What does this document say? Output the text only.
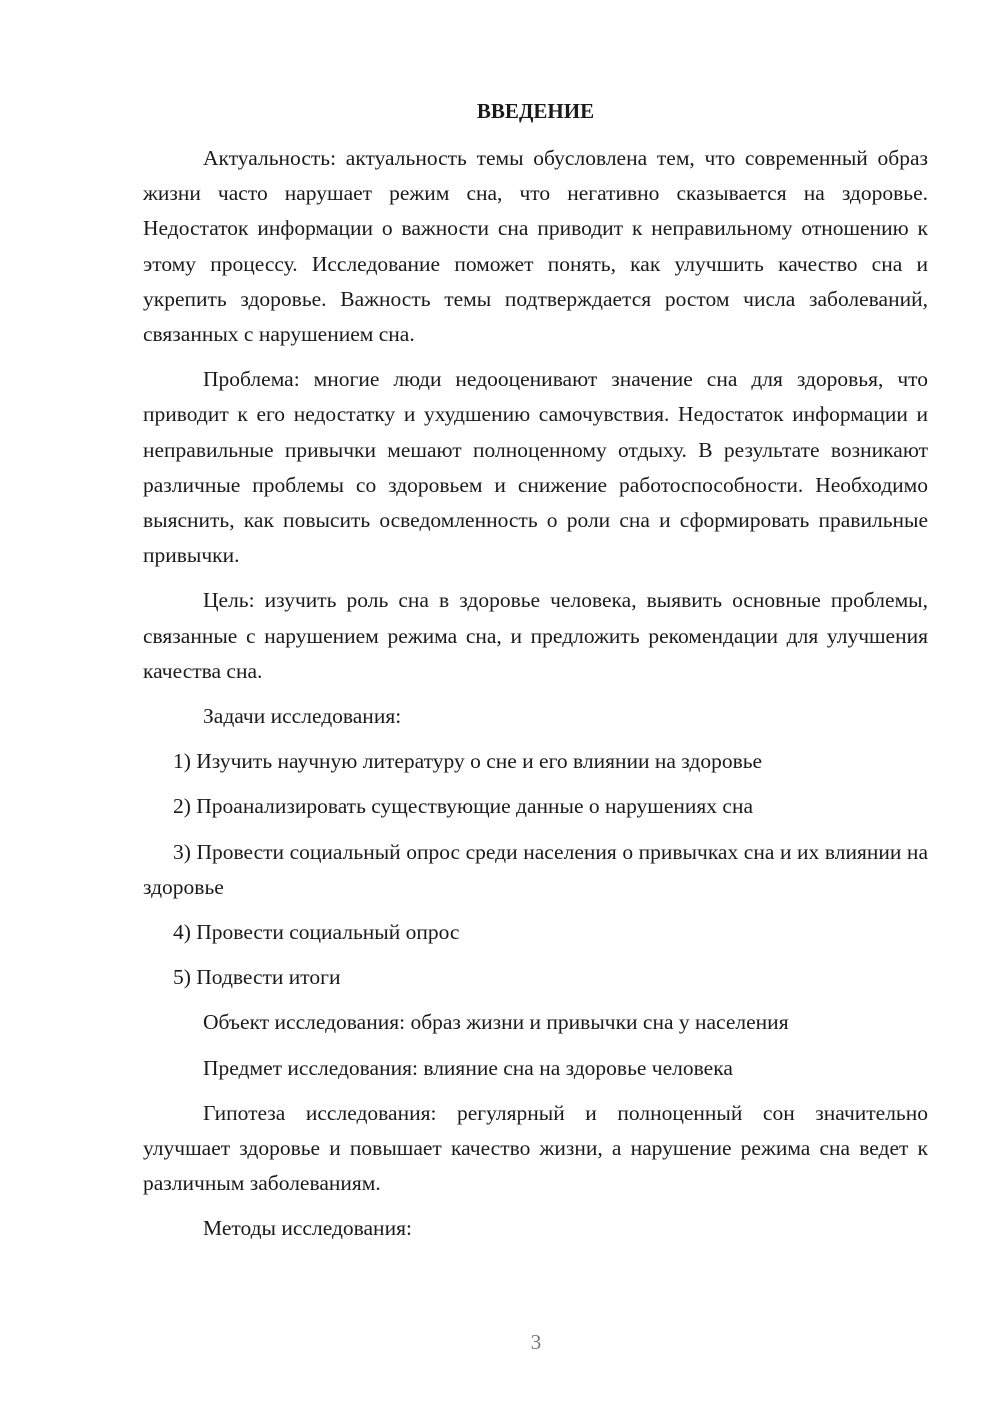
ВВЕДЕНИЕ

Актуальность: актуальность темы обусловлена тем, что современный образ жизни часто нарушает режим сна, что негативно сказывается на здоровье. Недостаток информации о важности сна приводит к неправильному отношению к этому процессу. Исследование поможет понять, как улучшить качество сна и укрепить здоровье. Важность темы подтверждается ростом числа заболеваний, связанных с нарушением сна.

Проблема: многие люди недооценивают значение сна для здоровья, что приводит к его недостатку и ухудшению самочувствия. Недостаток информации и неправильные привычки мешают полноценному отдыху. В результате возникают различные проблемы со здоровьем и снижение работоспособности. Необходимо выяснить, как повысить осведомленность о роли сна и сформировать правильные привычки.

Цель: изучить роль сна в здоровье человека, выявить основные проблемы, связанные с нарушением режима сна, и предложить рекомендации для улучшения качества сна.

Задачи исследования:

1) Изучить научную литературу о сне и его влиянии на здоровье

2) Проанализировать существующие данные о нарушениях сна

3) Провести социальный опрос среди населения о привычках сна и их влиянии на здоровье

4) Провести социальный опрос

5) Подвести итоги

Объект исследования: образ жизни и привычки сна у населения

Предмет исследования: влияние сна на здоровье человека

Гипотеза исследования: регулярный и полноценный сон значительно улучшает здоровье и повышает качество жизни, а нарушение режима сна ведет к различным заболеваниям.

Методы исследования:

3
